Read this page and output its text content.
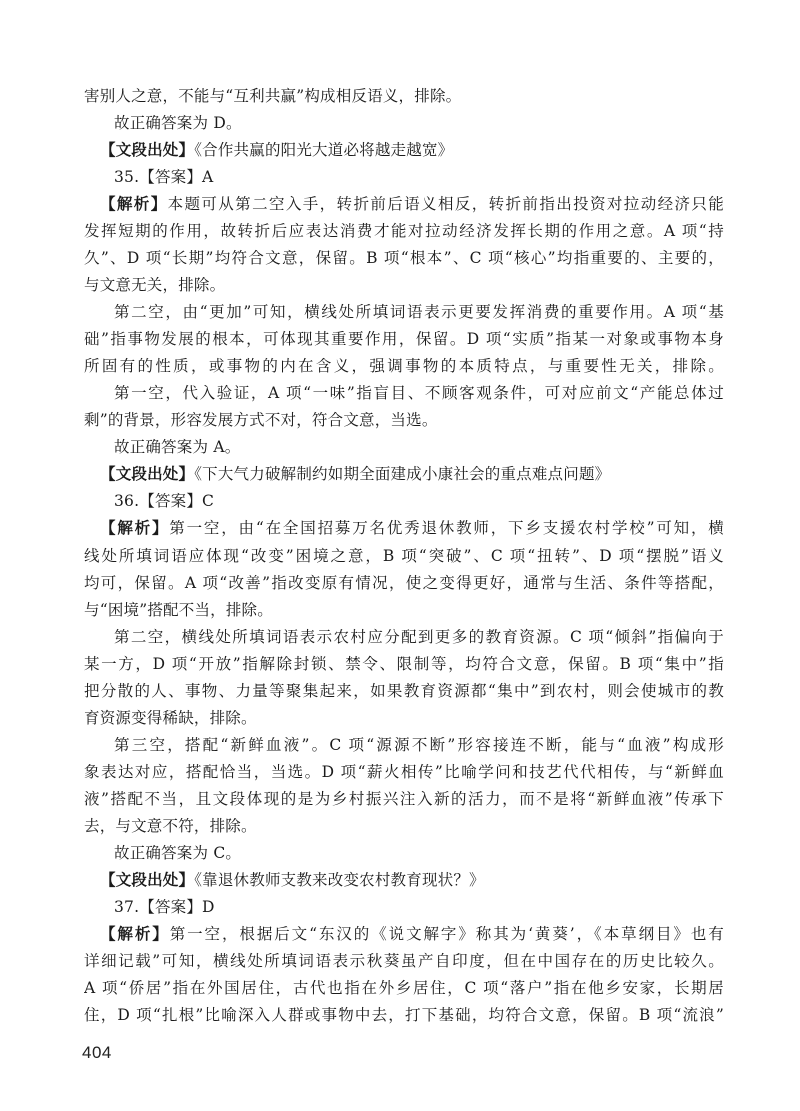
害别人之意，不能与“互利共赢”构成相反语义，排除。
故正确答案为 D。
【文段出处】《合作共赢的阳光大道必将越走越宽》
35.【答案】A
【解析】本题可从第二空入手，转折前后语义相反，转折前指出投资对拉动经济只能
发挥短期的作用，故转折后应表达消费才能对拉动经济发挥长期的作用之意。A 项“持
久”、D 项“长期”均符合文意，保留。B 项“根本”、C 项“核心”均指重要的、主要的，
与文意无关，排除。
第二空，由“更加”可知，横线处所填词语表示更要发挥消费的重要作用。A 项“基
础”指事物发展的根本，可体现其重要作用，保留。D 项“实质”指某一对象或事物本身
所固有的性质，或事物的内在含义，强调事物的本质特点，与重要性无关，排除。
第一空，代入验证，A 项“一味”指盲目、不顾客观条件，可对应前文“产能总体过
剩”的背景，形容发展方式不对，符合文意，当选。
故正确答案为 A。
【文段出处】《下大气力破解制约如期全面建成小康社会的重点难点问题》
36.【答案】C
【解析】第一空，由“在全国招募万名优秀退休教师，下乡支援农村学校”可知，横
线处所填词语应体现“改变”困境之意，B 项“突破”、C 项“扭转”、D 项“摆脱”语义
均可，保留。A 项“改善”指改变原有情况，使之变得更好，通常与生活、条件等搭配，
与“困境”搭配不当，排除。
第二空，横线处所填词语表示农村应分配到更多的教育资源。C 项“倾斜”指偏向于
某一方，D 项“开放”指解除封锁、禁令、限制等，均符合文意，保留。B 项“集中”指
把分散的人、事物、力量等聚集起来，如果教育资源都“集中”到农村，则会使城市的教
育资源变得稀缺，排除。
第三空，搭配“新鲜血液”。C 项“源源不断”形容接连不断，能与“血液”构成形
象表达对应，搭配恰当，当选。D 项“薪火相传”比喻学问和技艺代代相传，与“新鲜血
液”搭配不当，且文段体现的是为乡村振兴注入新的活力，而不是将“新鲜血液”传承下
去，与文意不符，排除。
故正确答案为 C。
【文段出处】《靠退休教师支教来改变农村教育现状？》
37.【答案】D
【解析】第一空，根据后文“东汉的《说文解字》称其为‘黄葵’，《本草纲目》也有
详细记载”可知，横线处所填词语表示秋葵虽产自印度，但在中国存在的历史比较久。
A 项“侨居”指在外国居住，古代也指在外乡居住，C 项“落户”指在他乡安家，长期居
住，D 项“扎根”比喻深入人群或事物中去，打下基础，均符合文意，保留。B 项“流浪”
404
